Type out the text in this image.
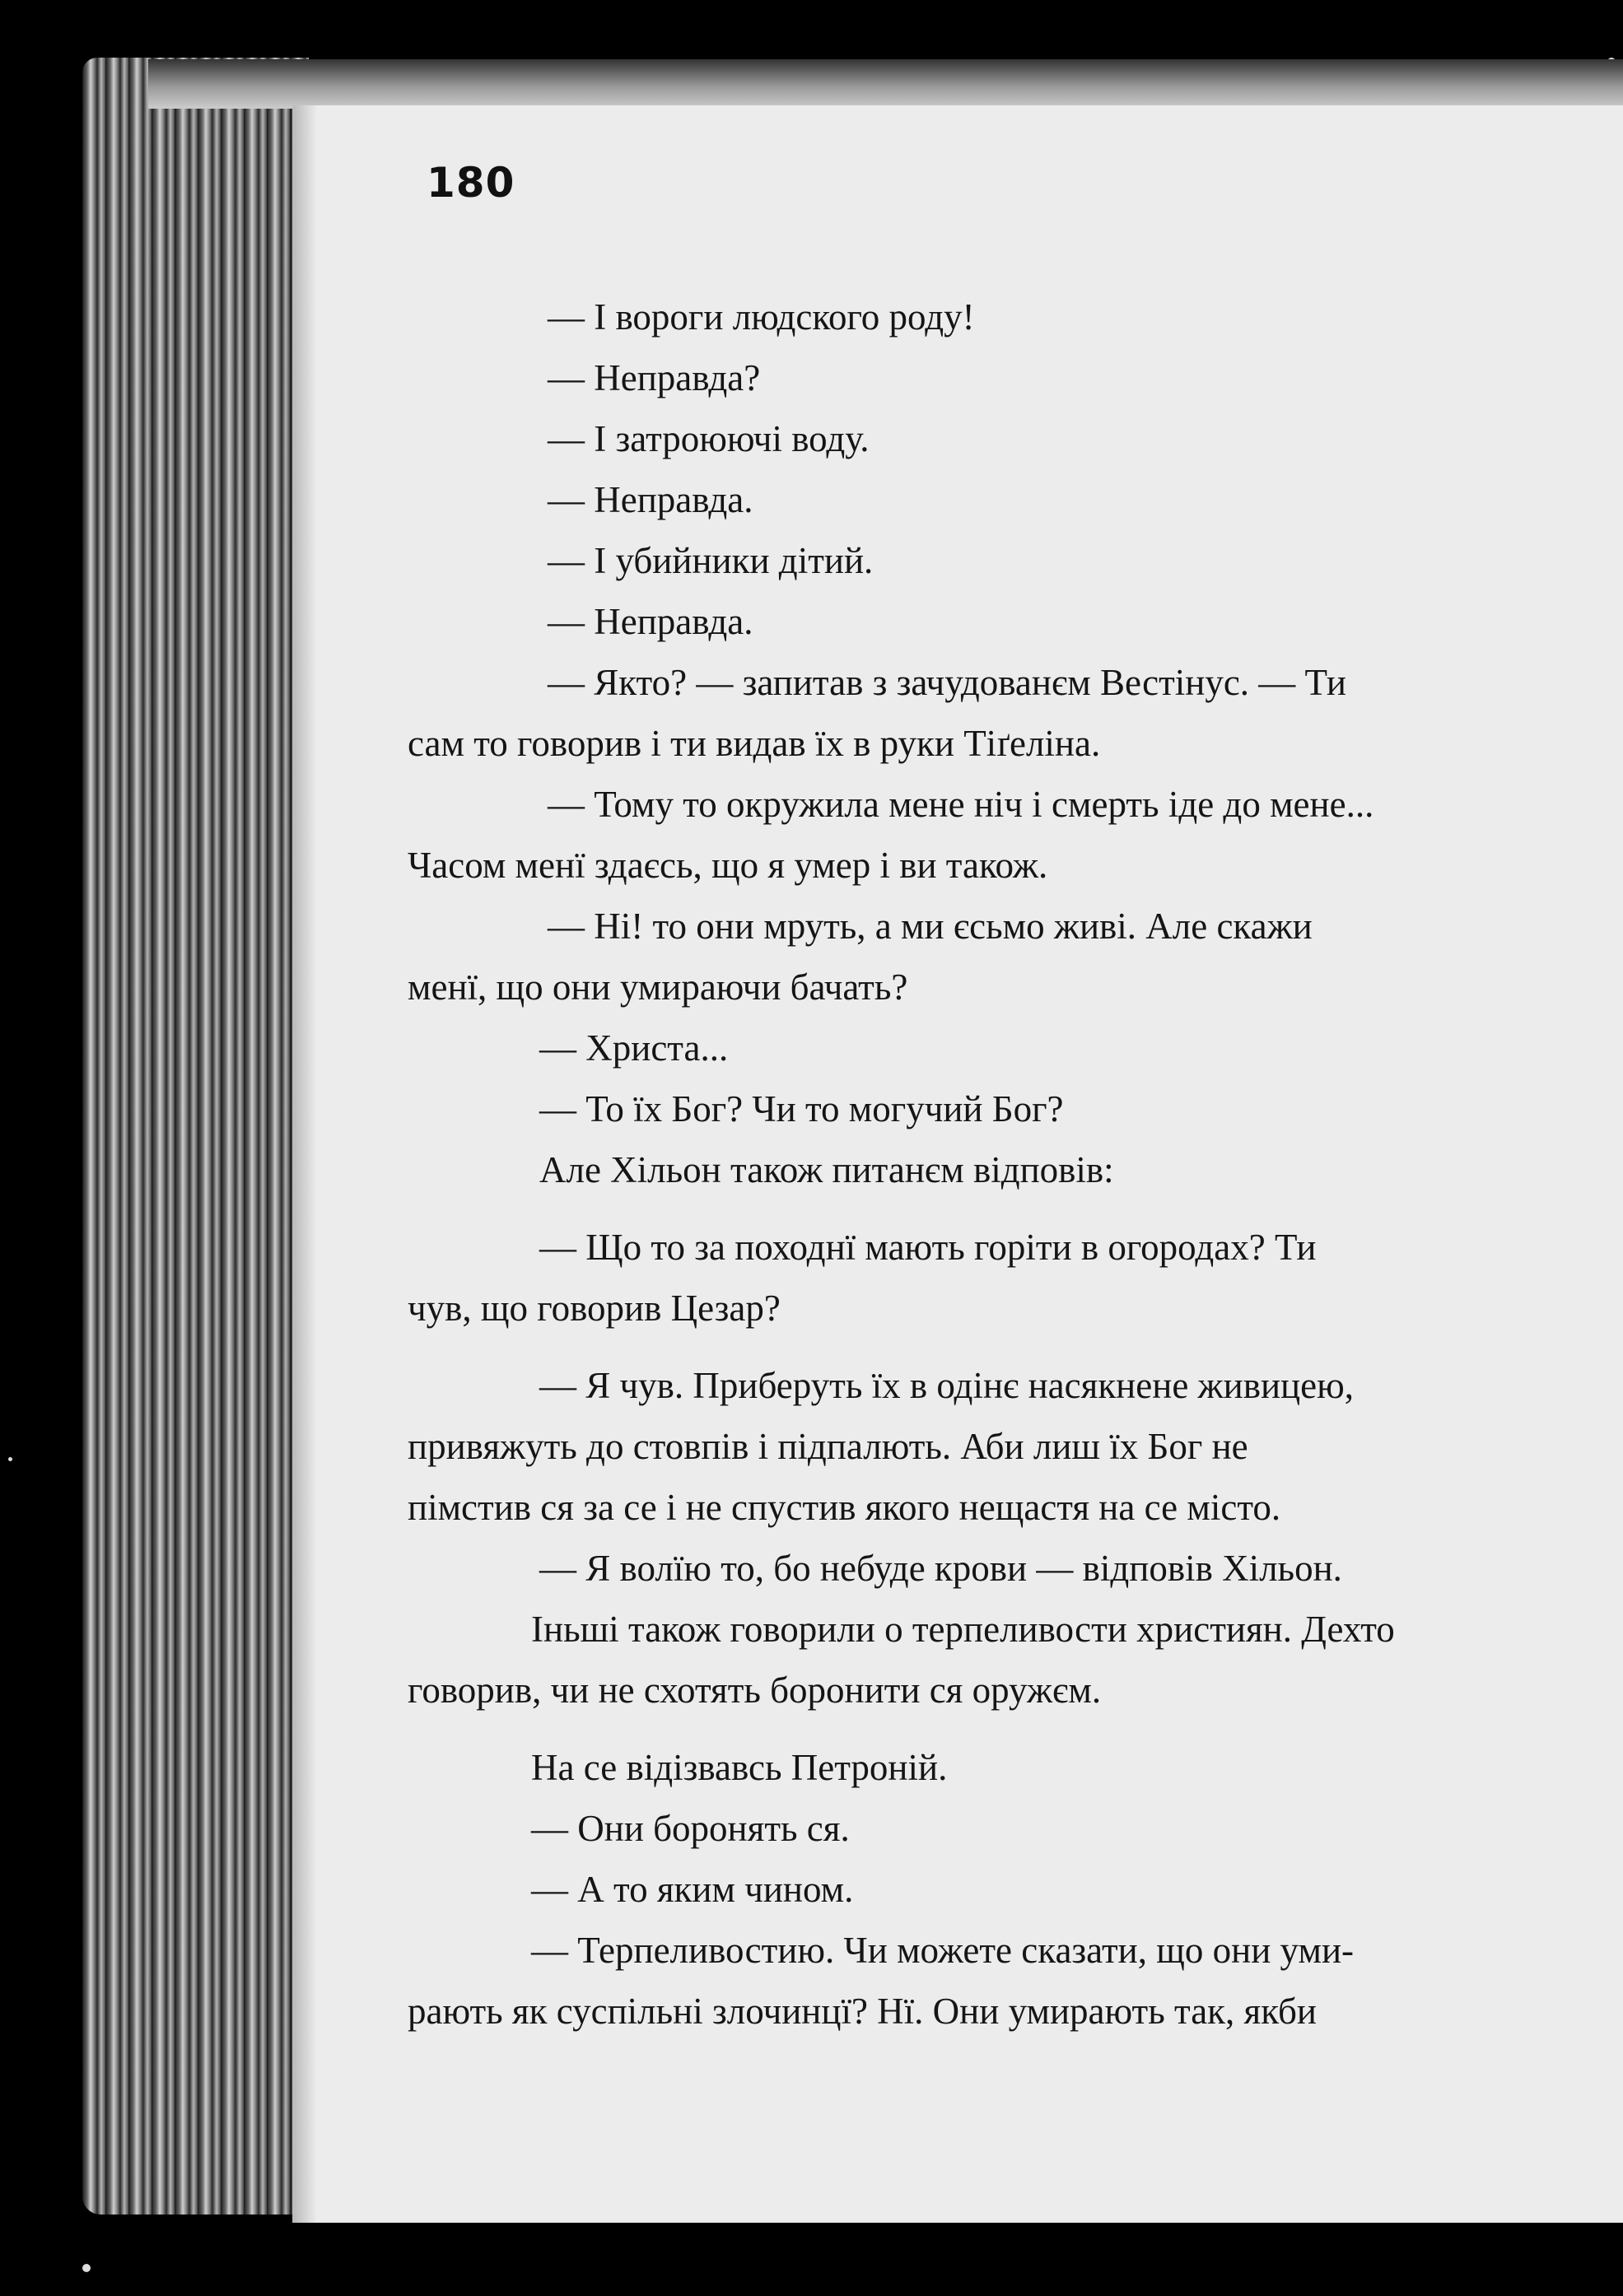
180
— І вороги людского роду!
— Неправда?
— І затроюючі воду.
— Неправда.
— І убийники дітий.
— Неправда.
— Якто? — запитав з зачудованєм Вестінус. — Ти
сам то говорив і ти видав їх в руки Тіґеліна.
— Тому то окружила мене ніч і смерть іде до мене...
Часом менї здаєсь, що я умер і ви також.
— Ні! то они мруть, а ми єсьмо живі. Але скажи
менї, що они умираючи бачать?
— Христа...
— То їх Бог? Чи то могучий Бог?
Але Хільон також питанєм відповів:
— Що то за походнї мають горіти в огородах? Ти
чув, що говорив Цезар?
— Я чув. Приберуть їх в одінє насякнене живицею,
привяжуть до стовпів і підпалють. Аби лиш їх Бог не
пімстив ся за се і не спустив якого нещастя на се місто.
— Я волїю то, бо небуде крови — відповів Хільон.
Іньші також говорили о терпеливости християн. Дехто
говорив, чи не схотять боронити ся оружєм.
На се відізвавсь Петроній.
— Они боронять ся.
— А то яким чином.
— Терпеливостию. Чи можете сказати, що они уми-
рають як суспільні злочинцї? Нї. Они умирають так, якби
